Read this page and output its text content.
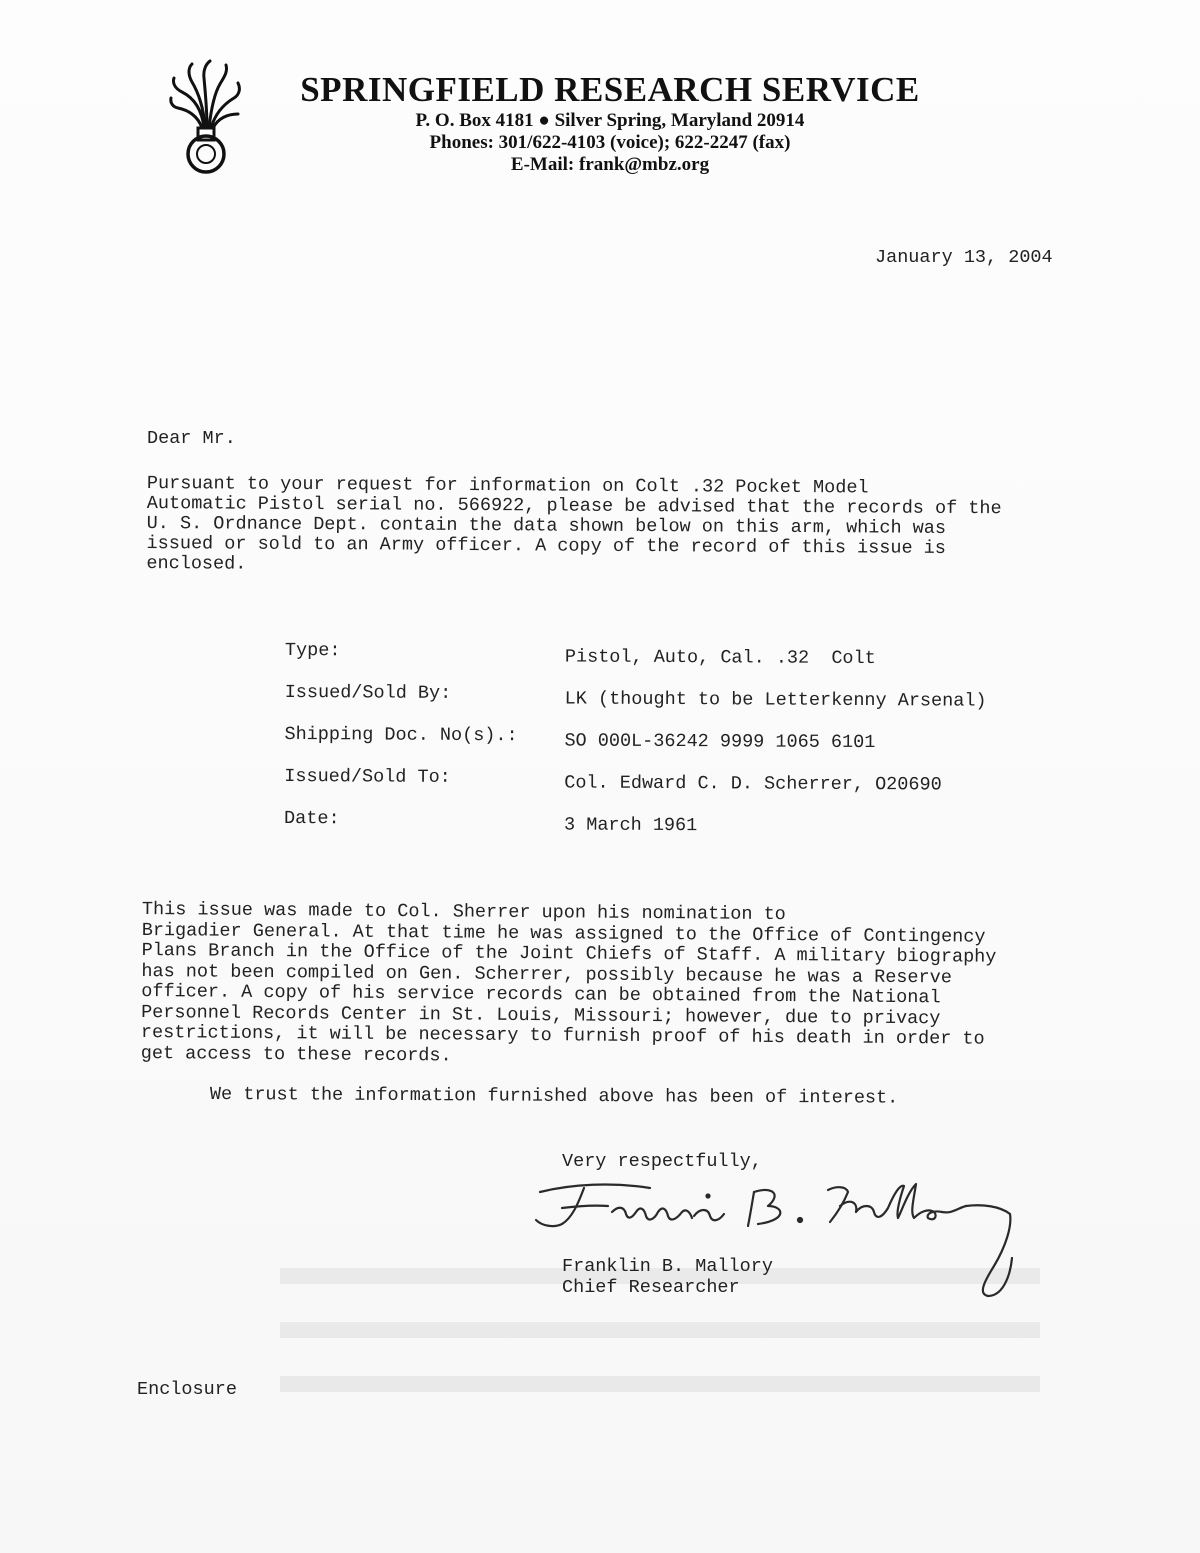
SPRINGFIELD RESEARCH SERVICE
P. O. Box 4181 ● Silver Spring, Maryland 20914
Phones: 301/622-4103 (voice); 622-2247 (fax)
E-Mail: frank@mbz.org
January 13, 2004
Dear Mr.
Pursuant to your request for information on Colt .32 Pocket Model
Automatic Pistol serial no. 566922, please be advised that the records of the
U. S. Ordnance Dept. contain the data shown below on this arm, which was
issued or sold to an Army officer. A copy of the record of this issue is
enclosed.
Type:	Pistol, Auto, Cal. .32  Colt
Issued/Sold By:	LK (thought to be Letterkenny Arsenal)
Shipping Doc. No(s).:	SO 000L-36242 9999 1065 6101
Issued/Sold To:	Col. Edward C. D. Scherrer, O20690
Date:	3 March 1961
This issue was made to Col. Sherrer upon his nomination to
Brigadier General. At that time he was assigned to the Office of Contingency
Plans Branch in the Office of the Joint Chiefs of Staff. A military biography
has not been compiled on Gen. Scherrer, possibly because he was a Reserve
officer. A copy of his service records can be obtained from the National
Personnel Records Center in St. Louis, Missouri; however, due to privacy
restrictions, it will be necessary to furnish proof of his death in order to
get access to these records.
We trust the information furnished above has been of interest.
Very respectfully,
Franklin B. Mallory
Chief Researcher
Enclosure
